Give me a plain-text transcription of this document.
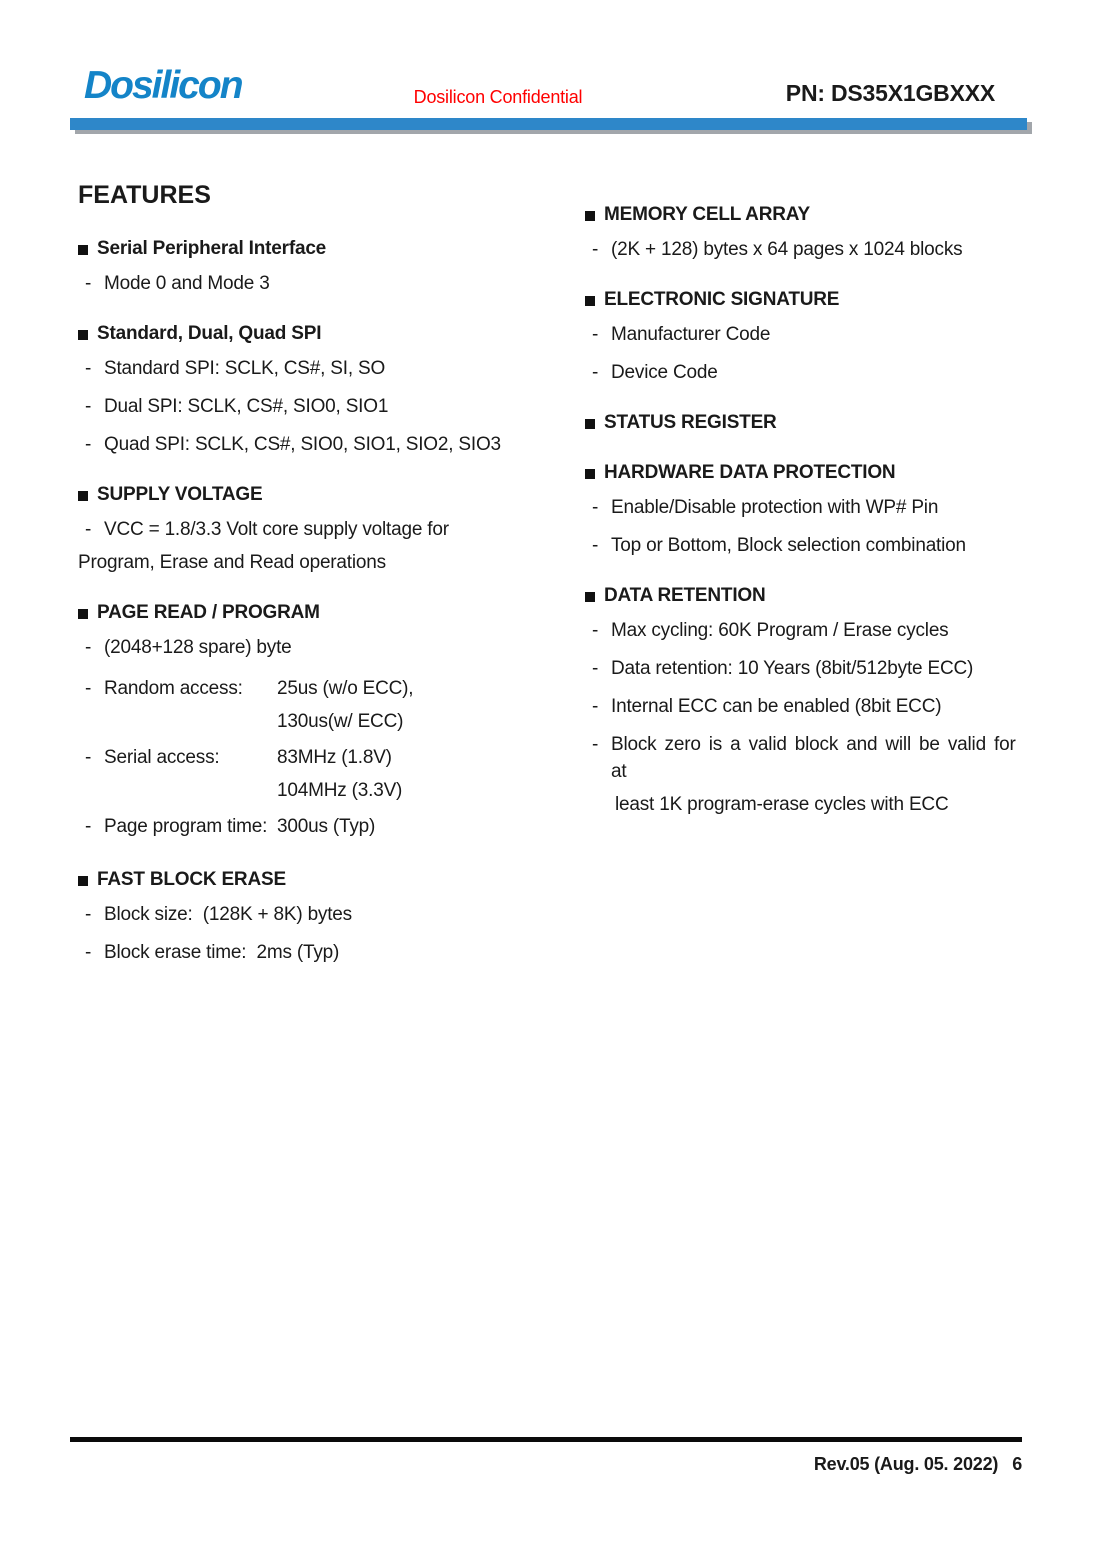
Dosilicon	Dosilicon Confidential	PN: DS35X1GBXXX
FEATURES
Serial Peripheral Interface
- Mode 0 and Mode 3
Standard, Dual, Quad SPI
- Standard SPI: SCLK, CS#, SI, SO
- Dual SPI: SCLK, CS#, SIO0, SIO1
- Quad SPI: SCLK, CS#, SIO0, SIO1, SIO2, SIO3
SUPPLY VOLTAGE
- VCC = 1.8/3.3 Volt core supply voltage for
Program, Erase and Read operations
PAGE READ / PROGRAM
- (2048+128 spare) byte
- Random access:	25us (w/o ECC),
130us(w/ ECC)
- Serial access:	83MHz (1.8V)
104MHz (3.3V)
- Page program time: 300us (Typ)
FAST BLOCK ERASE
- Block size:  (128K + 8K) bytes
- Block erase time:  2ms (Typ)
MEMORY CELL ARRAY
- (2K + 128) bytes x 64 pages x 1024 blocks
ELECTRONIC SIGNATURE
- Manufacturer Code
- Device Code
STATUS REGISTER
HARDWARE DATA PROTECTION
- Enable/Disable protection with WP# Pin
- Top or Bottom, Block selection combination
DATA RETENTION
- Max cycling: 60K Program / Erase cycles
- Data retention: 10 Years (8bit/512byte ECC)
- Internal ECC can be enabled (8bit ECC)
- Block zero is a valid block and will be valid for at
least 1K program-erase cycles with ECC
Rev.05 (Aug. 05. 2022) 6
